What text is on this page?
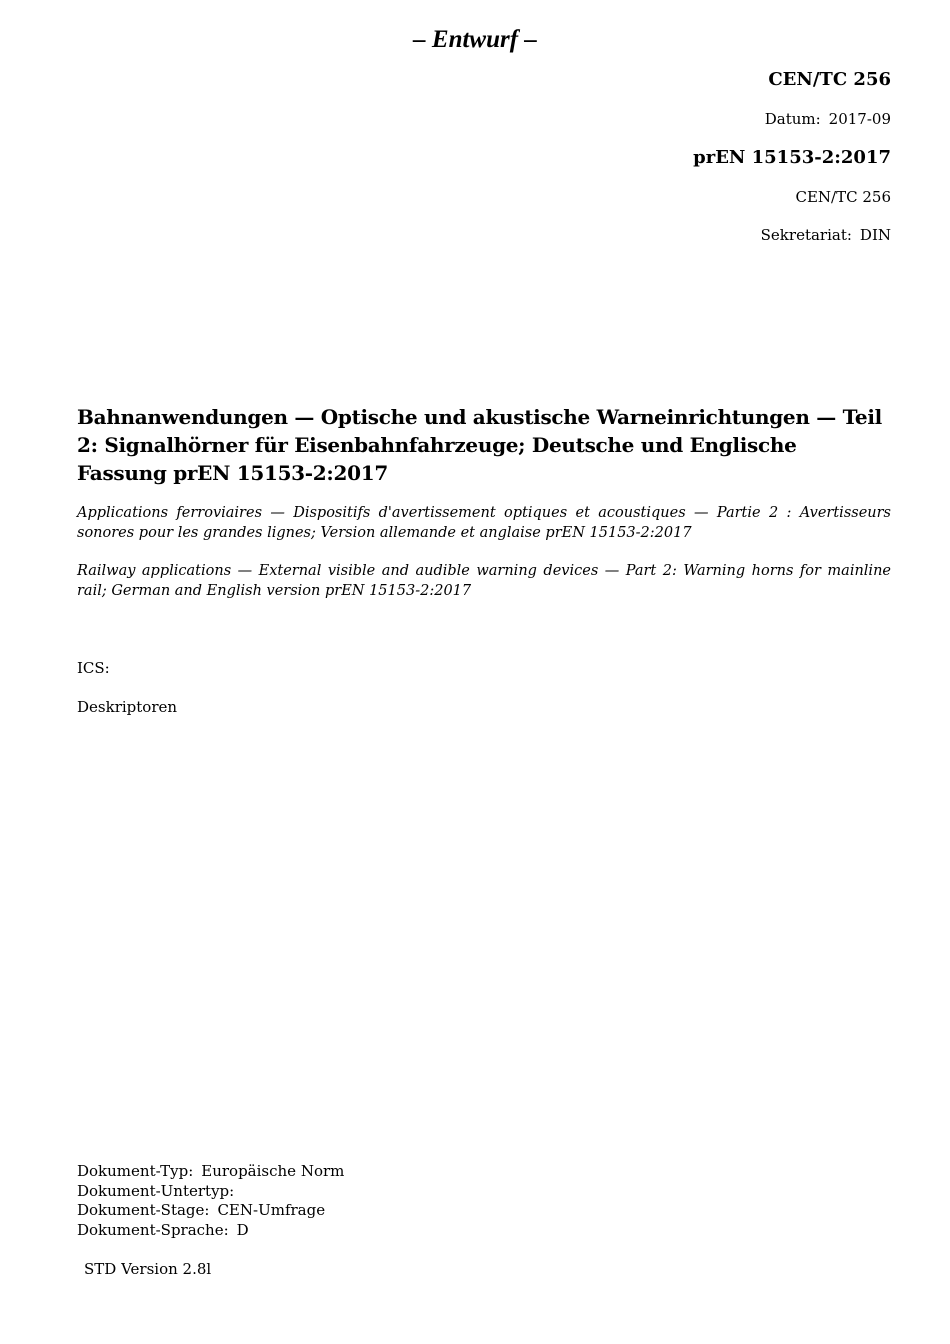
– Entwurf –
CEN/TC 256
Datum: 2017-09
prEN 15153-2:2017
CEN/TC 256
Sekretariat: DIN
Bahnanwendungen — Optische und akustische Warneinrichtungen — Teil 2: Signalhörner für Eisenbahnfahrzeuge; Deutsche und Englische Fassung prEN 15153-2:2017
Applications ferroviaires — Dispositifs d'avertissement optiques et acoustiques — Partie 2 : Avertisseurs sonores pour les grandes lignes; Version allemande et anglaise prEN 15153-2:2017
Railway applications — External visible and audible warning devices — Part 2: Warning horns for mainline rail; German and English version prEN 15153-2:2017
ICS:
Deskriptoren
Dokument-Typ: Europäische Norm
Dokument-Untertyp:
Dokument-Stage: CEN-Umfrage
Dokument-Sprache: D
STD Version 2.8l
